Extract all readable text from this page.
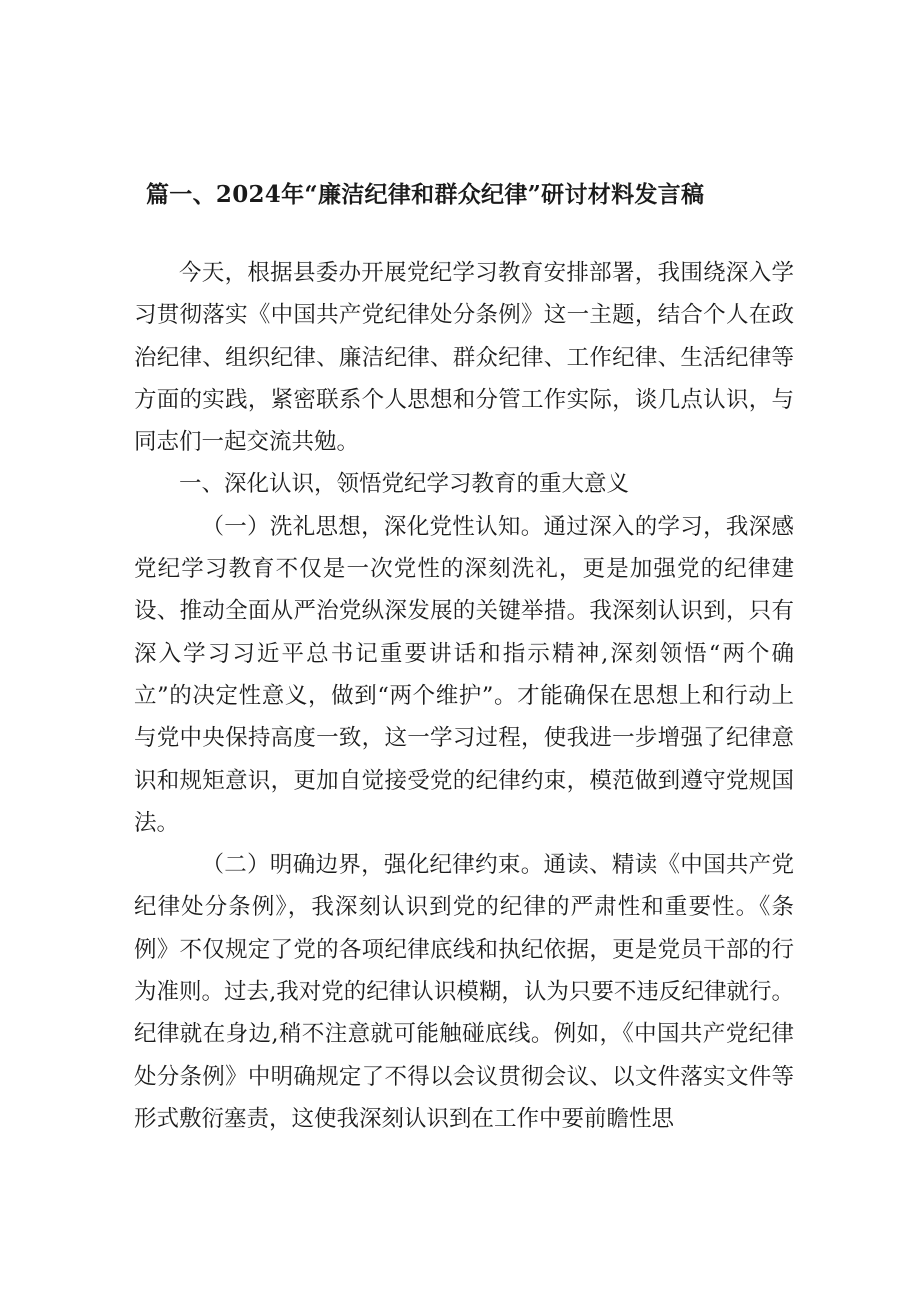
篇一、2024年“廉洁纪律和群众纪律”研讨材料发言稿

今天，根据县委办开展党纪学习教育安排部署，我围绕深入学习贯彻落实《中国共产党纪律处分条例》这一主题，结合个人在政治纪律、组织纪律、廉洁纪律、群众纪律、工作纪律、生活纪律等方面的实践，紧密联系个人思想和分管工作实际，谈几点认识，与同志们一起交流共勉。

一、深化认识，领悟党纪学习教育的重大意义

（一）洗礼思想，深化党性认知。通过深入的学习，我深感党纪学习教育不仅是一次党性的深刻洗礼，更是加强党的纪律建设、推动全面从严治党纵深发展的关键举措。我深刻认识到，只有深入学习习近平总书记重要讲话和指示精神,深刻领悟“两个确立”的决定性意义，做到“两个维护”。才能确保在思想上和行动上与党中央保持高度一致，这一学习过程，使我进一步增强了纪律意识和规矩意识，更加自觉接受党的纪律约束，模范做到遵守党规国法。

（二）明确边界，强化纪律约束。通读、精读《中国共产党纪律处分条例》，我深刻认识到党的纪律的严肃性和重要性。《条例》不仅规定了党的各项纪律底线和执纪依据，更是党员干部的行为准则。过去,我对党的纪律认识模糊，认为只要不违反纪律就行。纪律就在身边,稍不注意就可能触碰底线。例如，《中国共产党纪律处分条例》中明确规定了不得以会议贯彻会议、以文件落实文件等形式敷衍塞责，这使我深刻认识到在工作中要前瞻性思
